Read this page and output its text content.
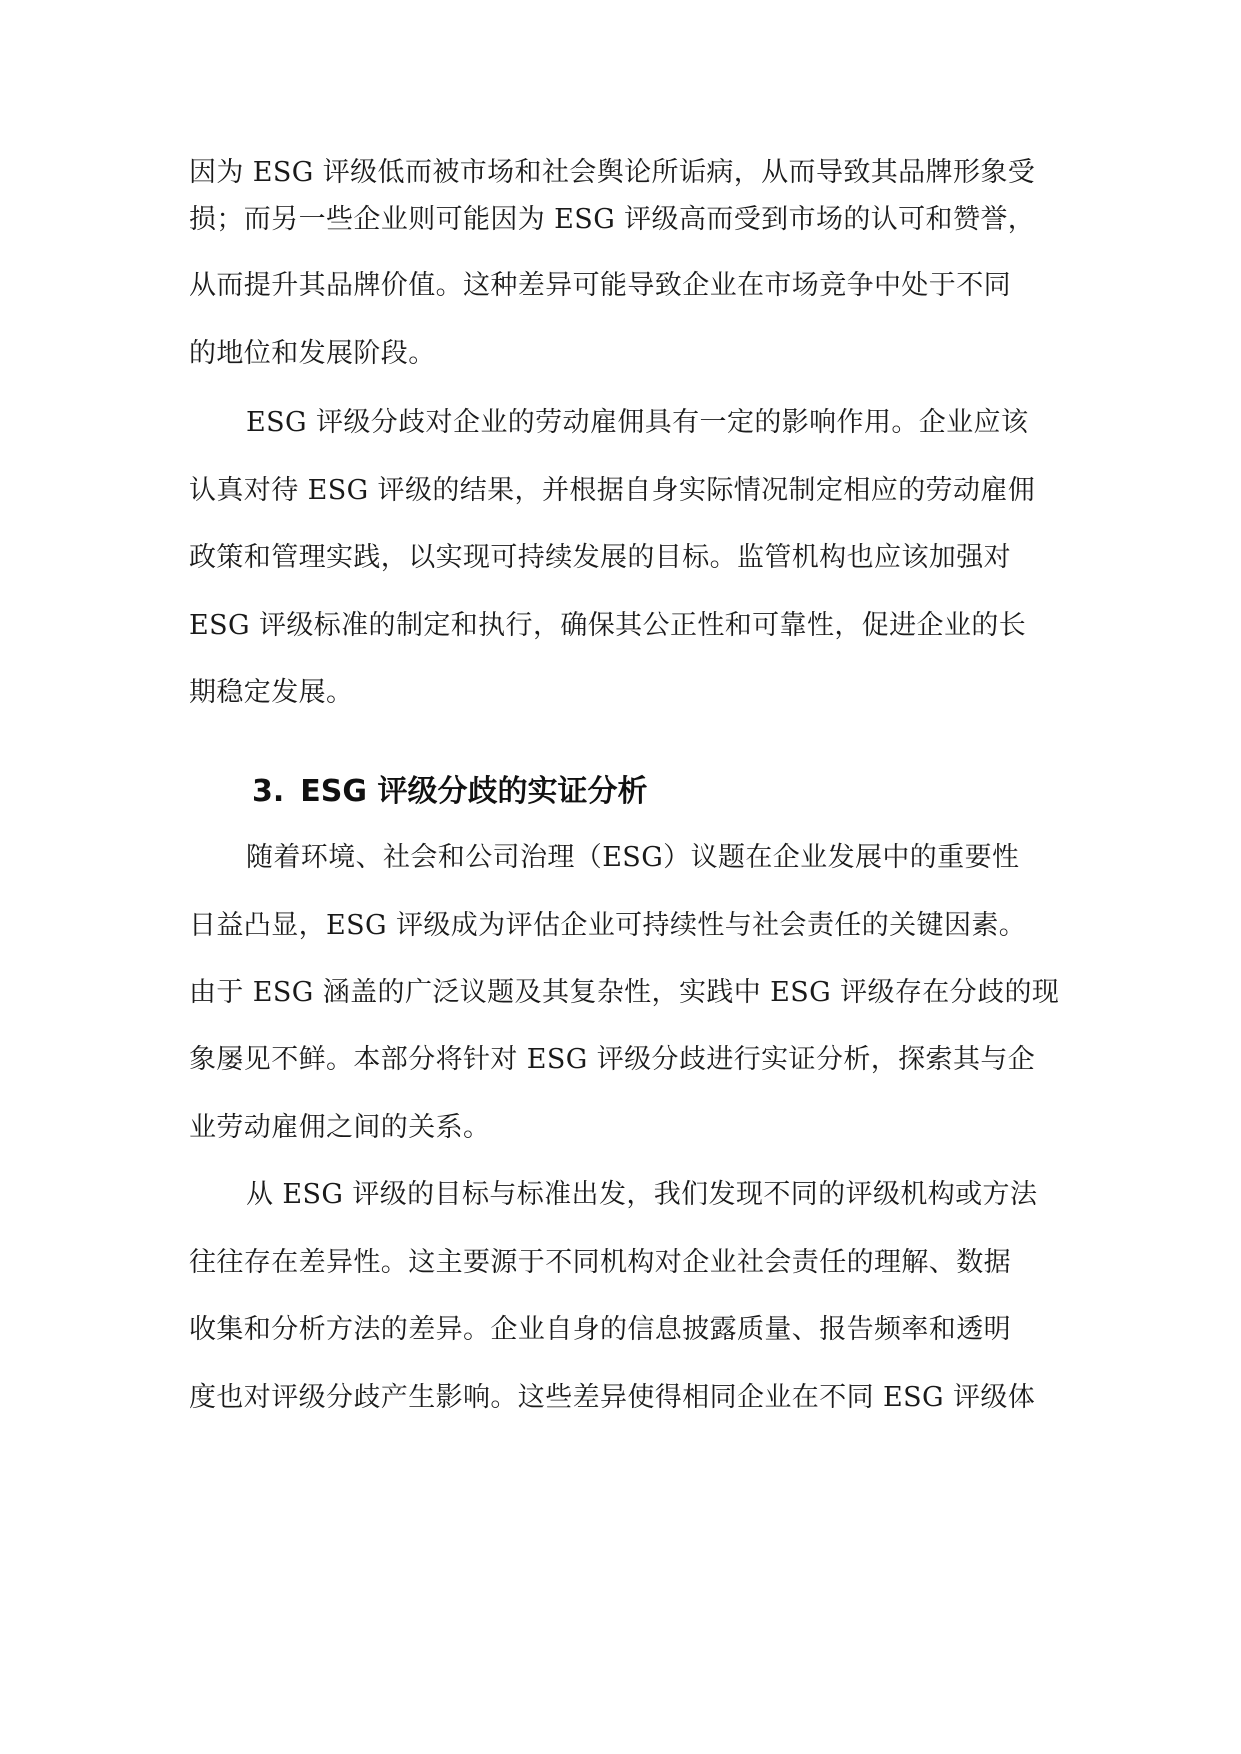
因为 ESG 评级低而被市场和社会舆论所诟病，从而导致其品牌形象受
损；而另一些企业则可能因为 ESG 评级高而受到市场的认可和赞誉，
从而提升其品牌价值。这种差异可能导致企业在市场竞争中处于不同
的地位和发展阶段。
ESG 评级分歧对企业的劳动雇佣具有一定的影响作用。企业应该
认真对待 ESG 评级的结果，并根据自身实际情况制定相应的劳动雇佣
政策和管理实践，以实现可持续发展的目标。监管机构也应该加强对
ESG 评级标准的制定和执行，确保其公正性和可靠性，促进企业的长
期稳定发展。
3. ESG 评级分歧的实证分析
随着环境、社会和公司治理（ESG）议题在企业发展中的重要性
日益凸显，ESG 评级成为评估企业可持续性与社会责任的关键因素。
由于 ESG 涵盖的广泛议题及其复杂性，实践中 ESG 评级存在分歧的现
象屡见不鲜。本部分将针对 ESG 评级分歧进行实证分析，探索其与企
业劳动雇佣之间的关系。
从 ESG 评级的目标与标准出发，我们发现不同的评级机构或方法
往往存在差异性。这主要源于不同机构对企业社会责任的理解、数据
收集和分析方法的差异。企业自身的信息披露质量、报告频率和透明
度也对评级分歧产生影响。这些差异使得相同企业在不同 ESG 评级体
